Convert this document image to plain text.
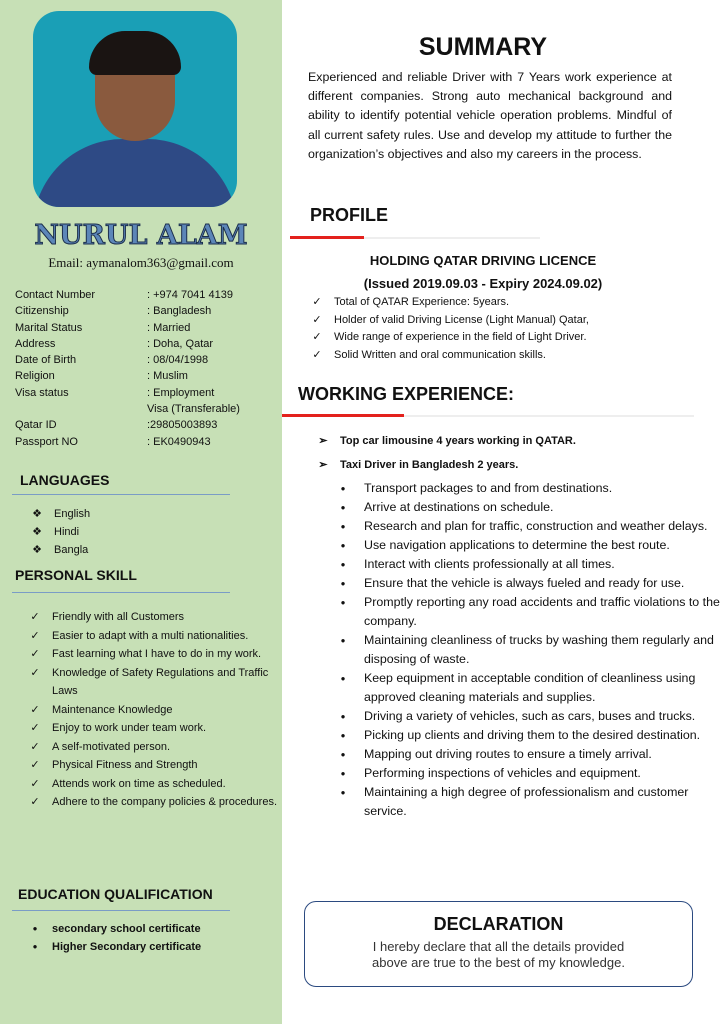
NURUL ALAM
Email: aymanalom363@gmail.com
Contact Number	: +974 7041 4139
Citizenship	: Bangladesh
Marital Status	: Married
Address	: Doha, Qatar
Date of Birth	: 08/04/1998
Religion	: Muslim
Visa status	: Employment
Visa (Transferable)
Qatar ID	:29805003893
Passport NO	: EK0490943
LANGUAGES
❖ English
❖ Hindi
❖ Bangla
PERSONAL SKILL
✓ Friendly with all Customers
✓ Easier to adapt with a multi nationalities.
✓ Fast learning what I have to do in my work.
✓ Knowledge of Safety Regulations and Traffic Laws
✓ Maintenance Knowledge
✓ Enjoy to work under team work.
✓ A self-motivated person.
✓ Physical Fitness and Strength
✓ Attends work on time as scheduled.
✓ Adhere to the company policies & procedures.
EDUCATION QUALIFICATION
●	secondary school certificate
●	Higher Secondary certificate
SUMMARY
Experienced and reliable Driver with 7 Years work experience at different companies. Strong auto mechanical background and ability to identify potential vehicle operation problems. Mindful of all current safety rules. Use and develop my attitude to further the organization’s objectives and also my careers in the process.
PROFILE
HOLDING QATAR DRIVING LICENCE
(Issued 2019.09.03 - Expiry 2024.09.02)
✓ Total of QATAR Experience: 5years.
✓ Holder of valid Driving License (Light Manual) Qatar,
✓ Wide range of experience in the field of Light Driver.
✓ Solid Written and oral communication skills.
WORKING EXPERIENCE:
➢ Top car limousine 4 years working in QATAR.
➢ Taxi Driver in Bangladesh 2 years.
●	Transport packages to and from destinations.
●	Arrive at destinations on schedule.
●	Research and plan for traffic, construction and weather delays.
●	Use navigation applications to determine the best route.
●	Interact with clients professionally at all times.
●	Ensure that the vehicle is always fueled and ready for use.
●	Promptly reporting any road accidents and traffic violations to the company.
●	Maintaining cleanliness of trucks by washing them regularly and disposing of waste.
●	Keep equipment in acceptable condition of cleanliness using approved cleaning materials and supplies.
●	Driving a variety of vehicles, such as cars, buses and trucks.
●	Picking up clients and driving them to the desired destination.
●	Mapping out driving routes to ensure a timely arrival.
●	Performing inspections of vehicles and equipment.
●	Maintaining a high degree of professionalism and customer service.
DECLARATION
I hereby declare that all the details provided above are true to the best of my knowledge.
